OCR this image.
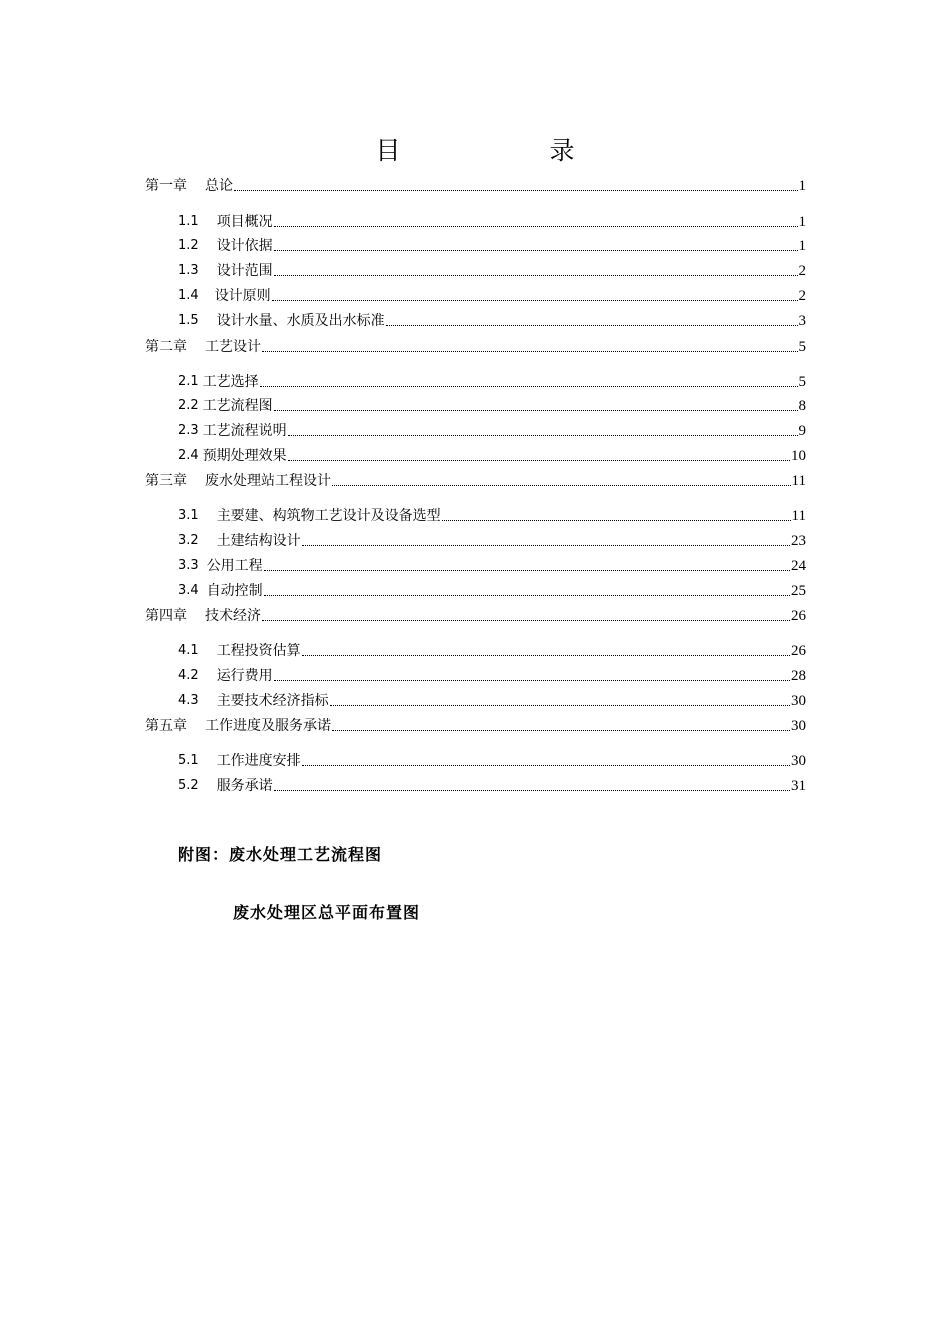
目　录
第一章 总论	1
1.1 项目概况	1
1.2 设计依据	1
1.3 设计范围	2
1.4 设计原则	2
1.5 设计水量、水质及出水标准	3
第二章 工艺设计	5
2.1 工艺选择	5
2.2 工艺流程图	8
2.3 工艺流程说明	9
2.4 预期处理效果	10
第三章 废水处理站工程设计	11
3.1 主要建、构筑物工艺设计及设备选型	11
3.2 土建结构设计	23
3.3 公用工程	24
3.4 自动控制	25
第四章 技术经济	26
4.1 工程投资估算	26
4.2 运行费用	28
4.3 主要技术经济指标	30
第五章 工作进度及服务承诺	30
5.1 工作进度安排	30
5.2 服务承诺	31
附图：废水处理工艺流程图
废水处理区总平面布置图
